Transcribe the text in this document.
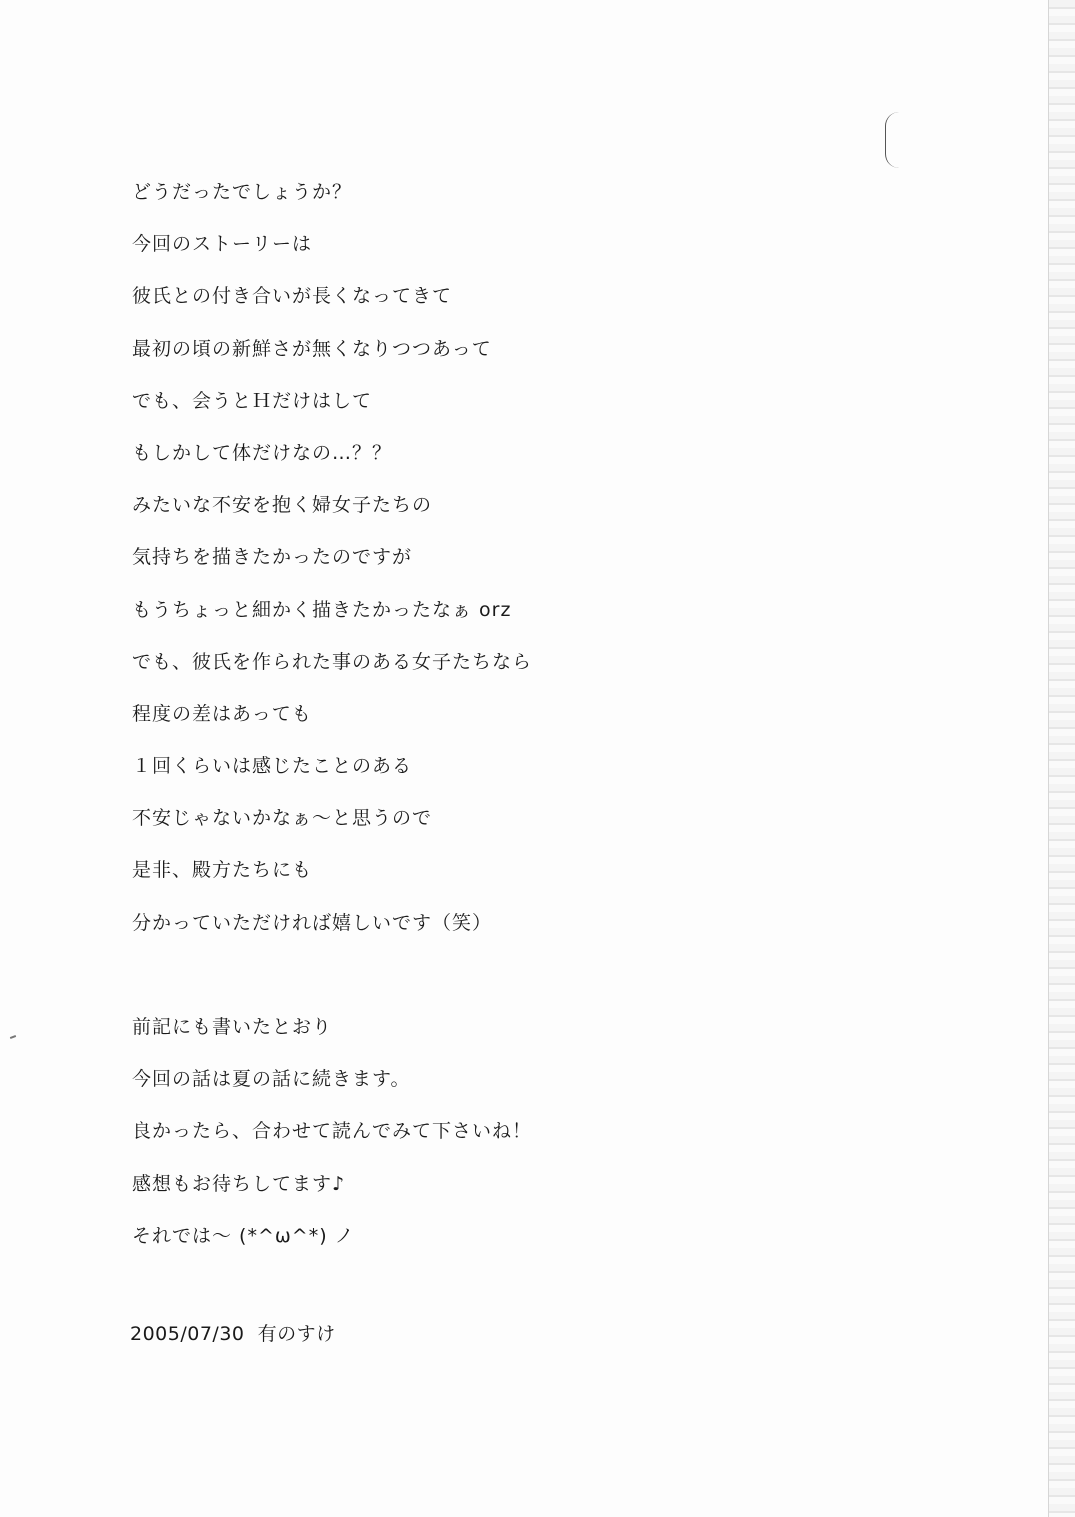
どうだったでしょうか？
今回のストーリーは
彼氏との付き合いが長くなってきて
最初の頃の新鮮さが無くなりつつあって
でも、会うとＨだけはして
もしかして体だけなの…？？
みたいな不安を抱く婦女子たちの
気持ちを描きたかったのですが
もうちょっと細かく描きたかったなぁ orz
でも、彼氏を作られた事のある女子たちなら
程度の差はあっても
１回くらいは感じたことのある
不安じゃないかなぁ～と思うので
是非、殿方たちにも
分かっていただければ嬉しいです（笑）
前記にも書いたとおり
今回の話は夏の話に続きます。
良かったら、合わせて読んでみて下さいね！
感想もお待ちしてます♪
それでは～ (*^ω^*) ノ
2005/07/30 有のすけ
